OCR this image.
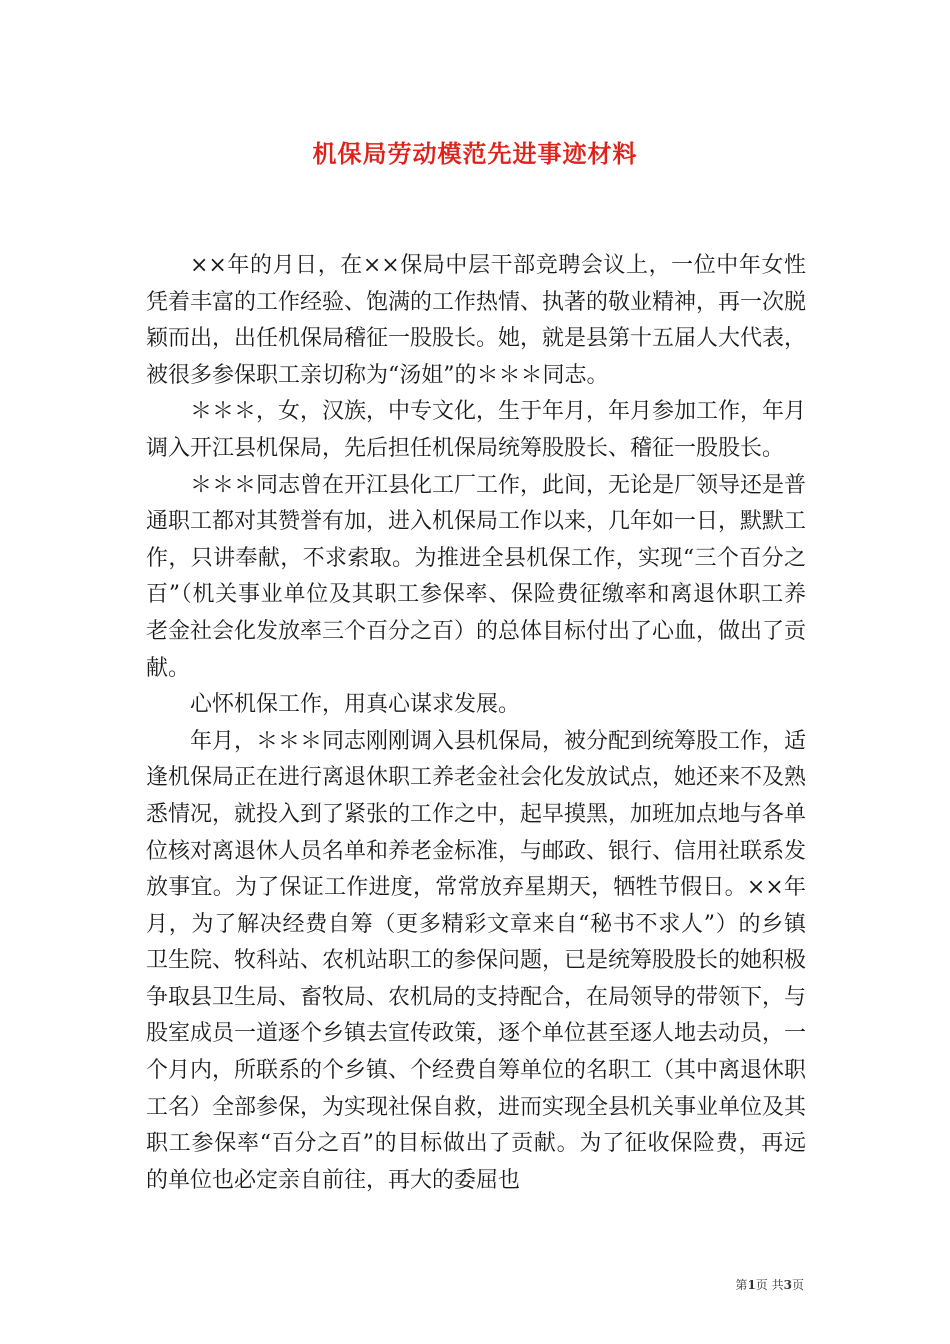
机保局劳动模范先进事迹材料

××年的月日，在××保局中层干部竞聘会议上，一位中年女性凭着丰富的工作经验、饱满的工作热情、执著的敬业精神，再一次脱颖而出，出任机保局稽征一股股长。她，就是县第十五届人大代表，被很多参保职工亲切称为“汤姐”的＊＊＊同志。

＊＊＊，女，汉族，中专文化，生于年月，年月参加工作，年月调入开江县机保局，先后担任机保局统筹股股长、稽征一股股长。

＊＊＊同志曾在开江县化工厂工作，此间，无论是厂领导还是普通职工都对其赞誉有加，进入机保局工作以来，几年如一日，默默工作，只讲奉献，不求索取。为推进全县机保工作，实现“三个百分之百”（机关事业单位及其职工参保率、保险费征缴率和离退休职工养老金社会化发放率三个百分之百）的总体目标付出了心血，做出了贡献。

心怀机保工作，用真心谋求发展。

年月，＊＊＊同志刚刚调入县机保局，被分配到统筹股工作，适逢机保局正在进行离退休职工养老金社会化发放试点，她还来不及熟悉情况，就投入到了紧张的工作之中，起早摸黑，加班加点地与各单位核对离退休人员名单和养老金标准，与邮政、银行、信用社联系发放事宜。为了保证工作进度，常常放弃星期天，牺牲节假日。××年月，为了解决经费自筹（更多精彩文章来自“秘书不求人”）的乡镇卫生院、牧科站、农机站职工的参保问题，已是统筹股股长的她积极争取县卫生局、畜牧局、农机局的支持配合，在局领导的带领下，与股室成员一道逐个乡镇去宣传政策，逐个单位甚至逐人地去动员，一个月内，所联系的个乡镇、个经费自筹单位的名职工（其中离退休职工名）全部参保，为实现社保自救，进而实现全县机关事业单位及其职工参保率“百分之百”的目标做出了贡献。为了征收保险费，再远的单位也必定亲自前往，再大的委屈也

第1页 共3页
